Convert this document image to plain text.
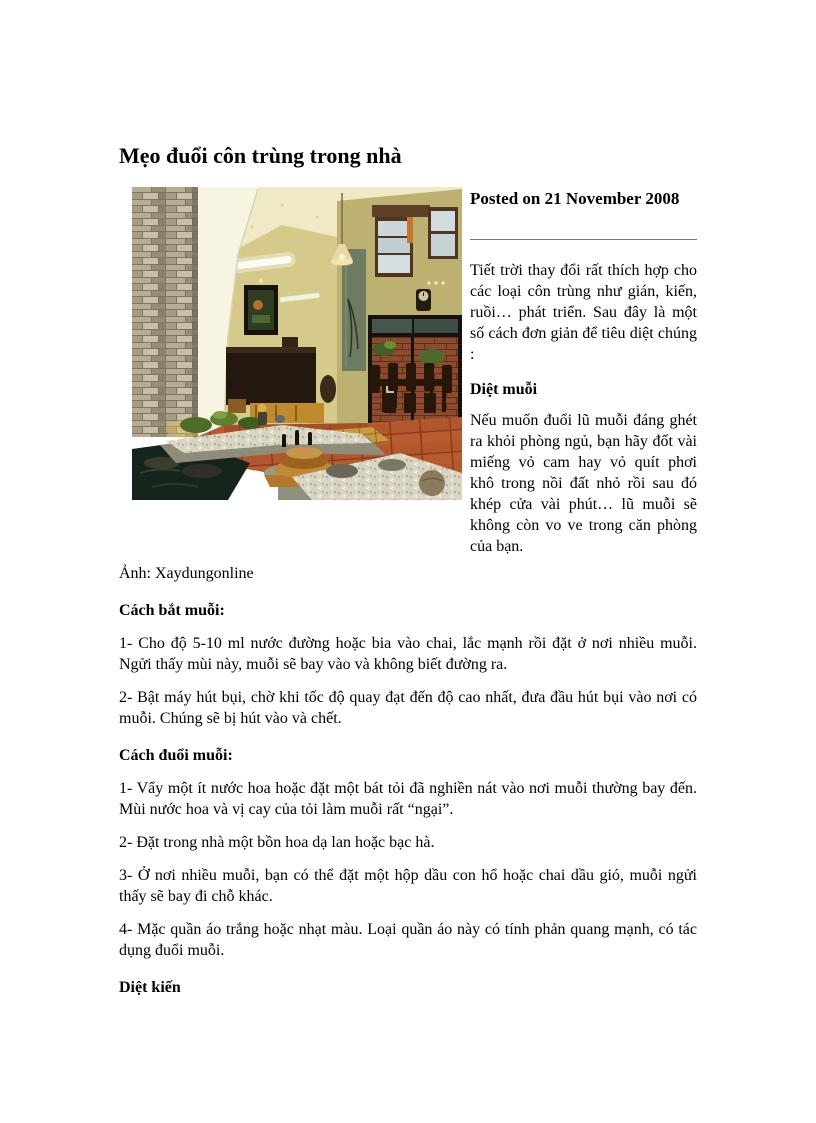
Mẹo đuổi côn trùng trong nhà
Posted on 21 November 2008

Tiết trời thay đổi rất thích hợp cho các loại côn trùng như gián, kiến, ruồi… phát triển. Sau đây là một số cách đơn giản để tiêu diệt chúng :

Diệt muỗi

Nếu muốn đuổi lũ muỗi đáng ghét ra khỏi phòng ngủ, bạn hãy đốt vài miếng vỏ cam hay vỏ quít phơi khô trong nồi đất nhỏ rồi sau đó khép cửa vài phút… lũ muỗi sẽ không còn vo ve trong căn phòng của bạn.

Ảnh: Xaydungonline

Cách bắt muỗi:

1- Cho độ 5-10 ml nước đường hoặc bia vào chai, lắc mạnh rồi đặt ở nơi nhiều muỗi. Ngửi thấy mùi này, muỗi sẽ bay vào và không biết đường ra.

2- Bật máy hút bụi, chờ khi tốc độ quay đạt đến độ cao nhất, đưa đầu hút bụi vào nơi có muỗi. Chúng sẽ bị hút vào và chết.

Cách đuổi muỗi:

1- Vẩy một ít nước hoa hoặc đặt một bát tỏi đã nghiền nát vào nơi muỗi thường bay đến. Mùi nước hoa và vị cay của tỏi làm muỗi rất “ngại”.

2- Đặt trong nhà một bồn hoa dạ lan hoặc bạc hà.

3- Ở nơi nhiều muỗi, bạn có thể đặt một hộp dầu con hổ hoặc chai dầu gió, muỗi ngửi thấy sẽ bay đi chỗ khác.

4- Mặc quần áo trắng hoặc nhạt màu. Loại quần áo này có tính phản quang mạnh, có tác dụng đuổi muỗi.

Diệt kiến
